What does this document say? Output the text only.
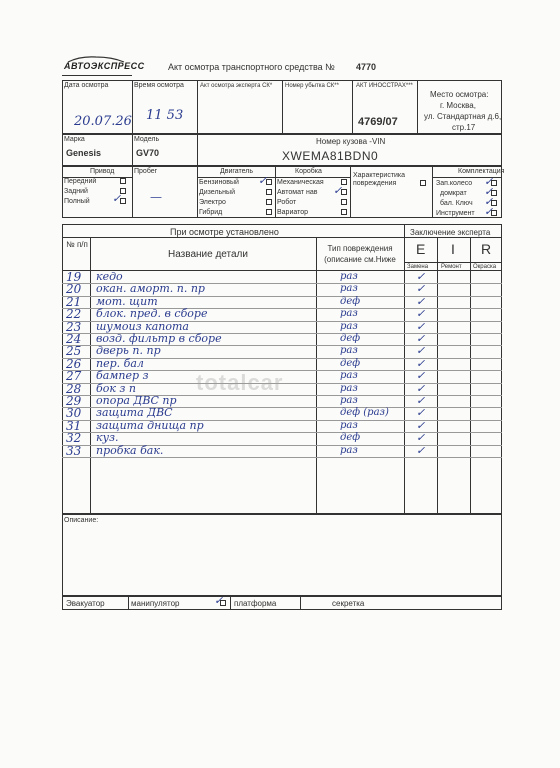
АВТОЭКСПРЕСС	Акт осмотра транспортного средства № 4770
Дата осмотра
20.07.26
Время осмотра
11 53
Акт осмотра эксперта СК* Номер убытка СК**	АКТ ИНОССТРАХ***
4769/07
Место осмотра:
г. Москва,
ул. Стандартная д.6,
стр.17
Марка
Genesis
Модель
GV70
Номер кузова -VIN
XWEMA81BDN0
Привод
Передний
Задний
Полный ✓
Пробег
—
Двигатель
Бензиновый ✓
Дизельный
Электро
Гибрид
Коробка
Механическая
Автомат нав ✓
Робот
Вариатор
Характеристика повреждения
Комплектация
Зап.колесо ✓
домкрат ✓
бал. Ключ ✓
Инструмент ✓
При осмотре установлено	Заключение эксперта
№ п/п
Название детали
Тип повреждения (описание см.Ниже
E I R
Замена Ремонт Окраска
19 кедо	раз	✓
20 окан. аморт. п. пр	раз	✓
21 мот. щит	деф	✓
22 блок. пред. в сборе	раз	✓
23 шумоиз капота	раз	✓
24 возд. фильтр в сборе	деф	✓
25 дверь п. пр	раз	✓
26 пер. бал	деф	✓
27 бампер з	раз	✓
28 бок з п	раз	✓
29 опора ДВС пр	раз	✓
30 защита ДВС	деф (раз) ✓
31 защита днища пр	раз	✓
32 куз.	деф	✓
33 пробка бак.	раз	✓
totalcar
Описание:
Эвакуатор	манипулятор	✓ платформа	секретка
